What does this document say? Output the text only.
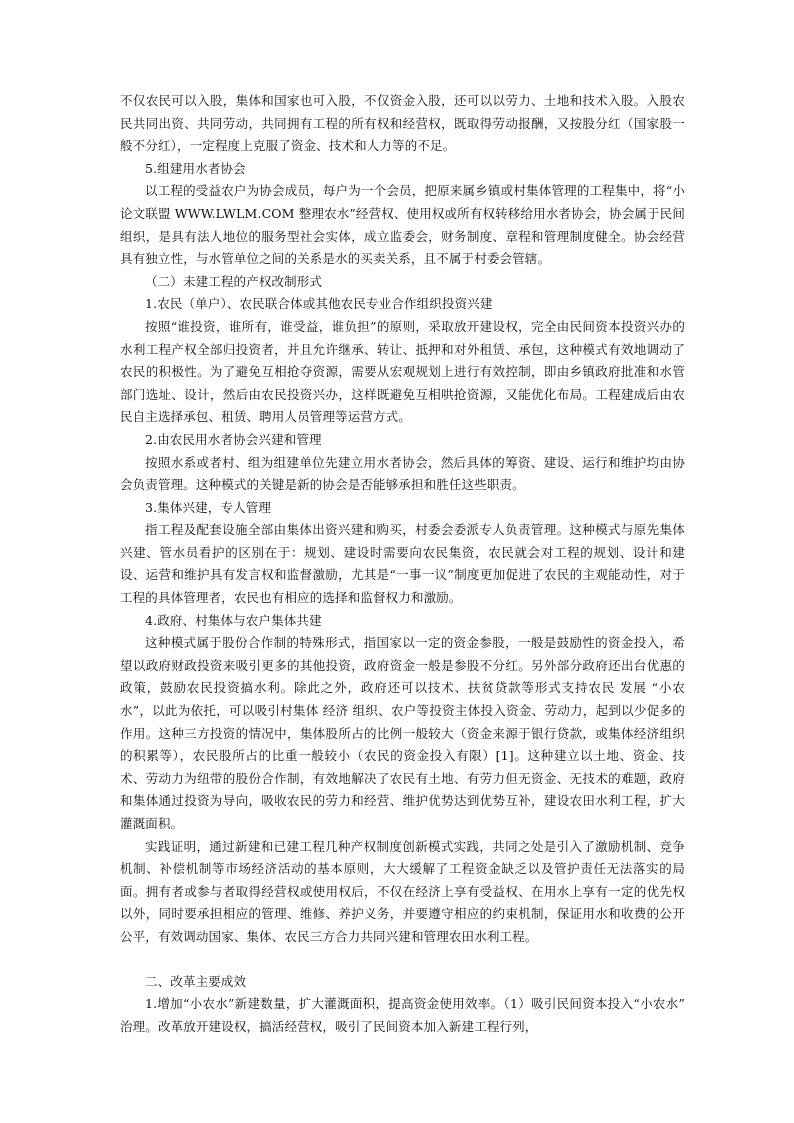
不仅农民可以入股，集体和国家也可入股，不仅资金入股，还可以以劳力、土地和技术入股。入股农民共同出资、共同劳动，共同拥有工程的所有权和经营权，既取得劳动报酬，又按股分红（国家股一般不分红），一定程度上克服了资金、技术和人力等的不足。

5.组建用水者协会

以工程的受益农户为协会成员，每户为一个会员，把原来属乡镇或村集体管理的工程集中，将“小论文联盟 WWW.LWLM.COM 整理农水”经营权、使用权或所有权转移给用水者协会，协会属于民间组织，是具有法人地位的服务型社会实体，成立监委会，财务制度、章程和管理制度健全。协会经营具有独立性，与水管单位之间的关系是水的买卖关系，且不属于村委会管辖。

（二）未建工程的产权改制形式

1.农民（单户）、农民联合体或其他农民专业合作组织投资兴建

按照“谁投资，谁所有，谁受益，谁负担”的原则，采取放开建设权，完全由民间资本投资兴办的水利工程产权全部归投资者，并且允许继承、转让、抵押和对外租赁、承包，这种模式有效地调动了农民的积极性。为了避免互相抢夺资源，需要从宏观规划上进行有效控制，即由乡镇政府批准和水管部门选址、设计，然后由农民投资兴办，这样既避免互相哄抢资源，又能优化布局。工程建成后由农民自主选择承包、租赁、聘用人员管理等运营方式。

2.由农民用水者协会兴建和管理

按照水系或者村、组为组建单位先建立用水者协会，然后具体的筹资、建设、运行和维护均由协会负责管理。这种模式的关键是新的协会是否能够承担和胜任这些职责。

3.集体兴建，专人管理

指工程及配套设施全部由集体出资兴建和购买，村委会委派专人负责管理。这种模式与原先集体兴建、管水员看护的区别在于：规划、建设时需要向农民集资，农民就会对工程的规划、设计和建设、运营和维护具有发言权和监督激励，尤其是“一事一议”制度更加促进了农民的主观能动性，对于工程的具体管理者，农民也有相应的选择和监督权力和激励。

4.政府、村集体与农户集体共建

这种模式属于股份合作制的特殊形式，指国家以一定的资金参股，一般是鼓励性的资金投入，希望以政府财政投资来吸引更多的其他投资，政府资金一般是参股不分红。另外部分政府还出台优惠的政策，鼓励农民投资搞水利。除此之外，政府还可以技术、扶贫贷款等形式支持农民 发展 “小农水”，以此为依托，可以吸引村集体 经济 组织、农户等投资主体投入资金、劳动力，起到以少促多的作用。这种三方投资的情况中，集体股所占的比例一般较大（资金来源于银行贷款，或集体经济组织的积累等），农民股所占的比重一般较小（农民的资金投入有限）[1]。这种建立以土地、资金、技术、劳动力为纽带的股份合作制，有效地解决了农民有土地、有劳力但无资金、无技术的难题，政府和集体通过投资为导向，吸收农民的劳力和经营、维护优势达到优势互补，建设农田水利工程，扩大灌溉面积。

实践证明，通过新建和已建工程几种产权制度创新模式实践，共同之处是引入了激励机制、竞争机制、补偿机制等市场经济活动的基本原则，大大缓解了工程资金缺乏以及管护责任无法落实的局面。拥有者或参与者取得经营权或使用权后，不仅在经济上享有受益权、在用水上享有一定的优先权以外，同时要承担相应的管理、维修、养护义务，并要遵守相应的约束机制，保证用水和收费的公开公平，有效调动国家、集体、农民三方合力共同兴建和管理农田水利工程。

二、改革主要成效

1.增加“小农水”新建数量，扩大灌溉面积，提高资金使用效率。（1）吸引民间资本投入“小农水” 治理。改革放开建设权，搞活经营权，吸引了民间资本加入新建工程行列，
